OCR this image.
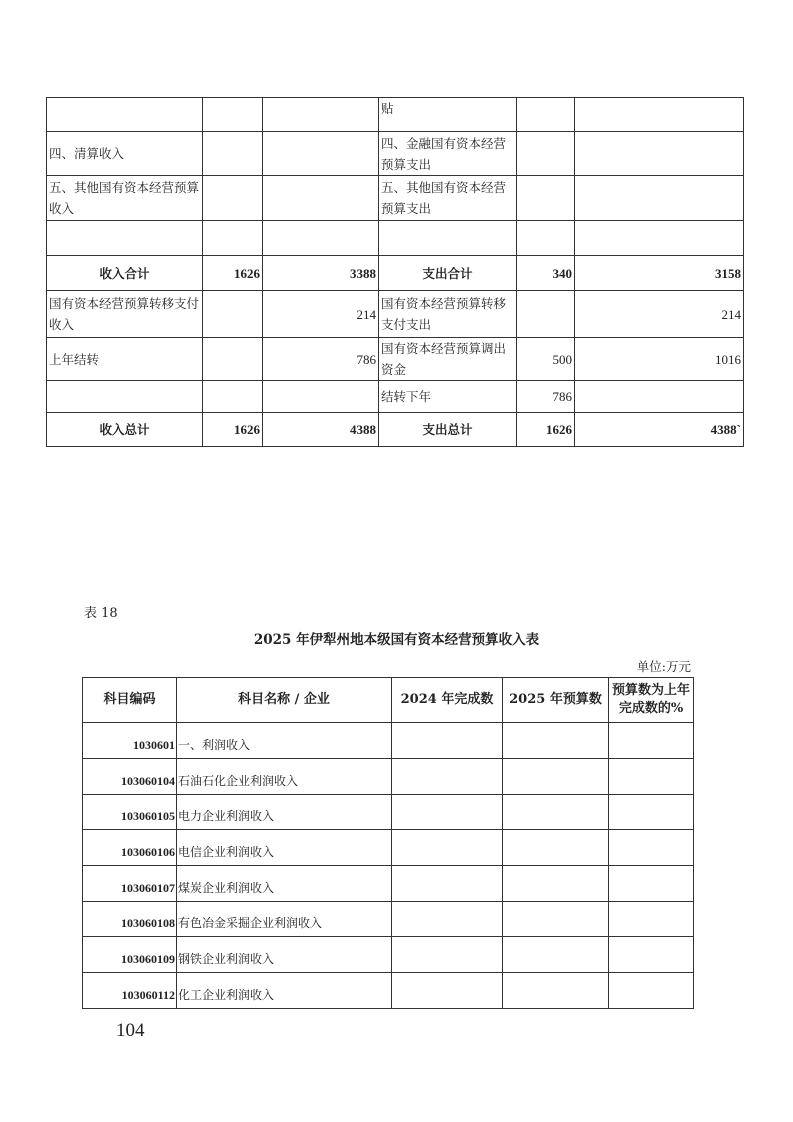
			贴		
四、清算收入			四、金融国有资本经营预算支出		
五、其他国有资本经营预算收入			五、其他国有资本经营预算支出		

收入合计	1626	3388	支出合计	340	3158
国有资本经营预算转移支付收入		214	国有资本经营预算转移支付支出		214
上年结转		786	国有资本经营预算调出资金	500	1016
			结转下年	786	
收入总计	1626	4388	支出总计	1626	4388`
表 18
2025 年伊犁州地本级国有资本经营预算收入表
单位:万元
科目编码	科目名称 / 企业	2024 年完成数	2025 年预算数	预算数为上年完成数的%
1030601	一、利润收入			
103060104	石油石化企业利润收入			
103060105	电力企业利润收入			
103060106	电信企业利润收入			
103060107	煤炭企业利润收入			
103060108	有色冶金采掘企业利润收入			
103060109	钢铁企业利润收入			
103060112	化工企业利润收入			
104
